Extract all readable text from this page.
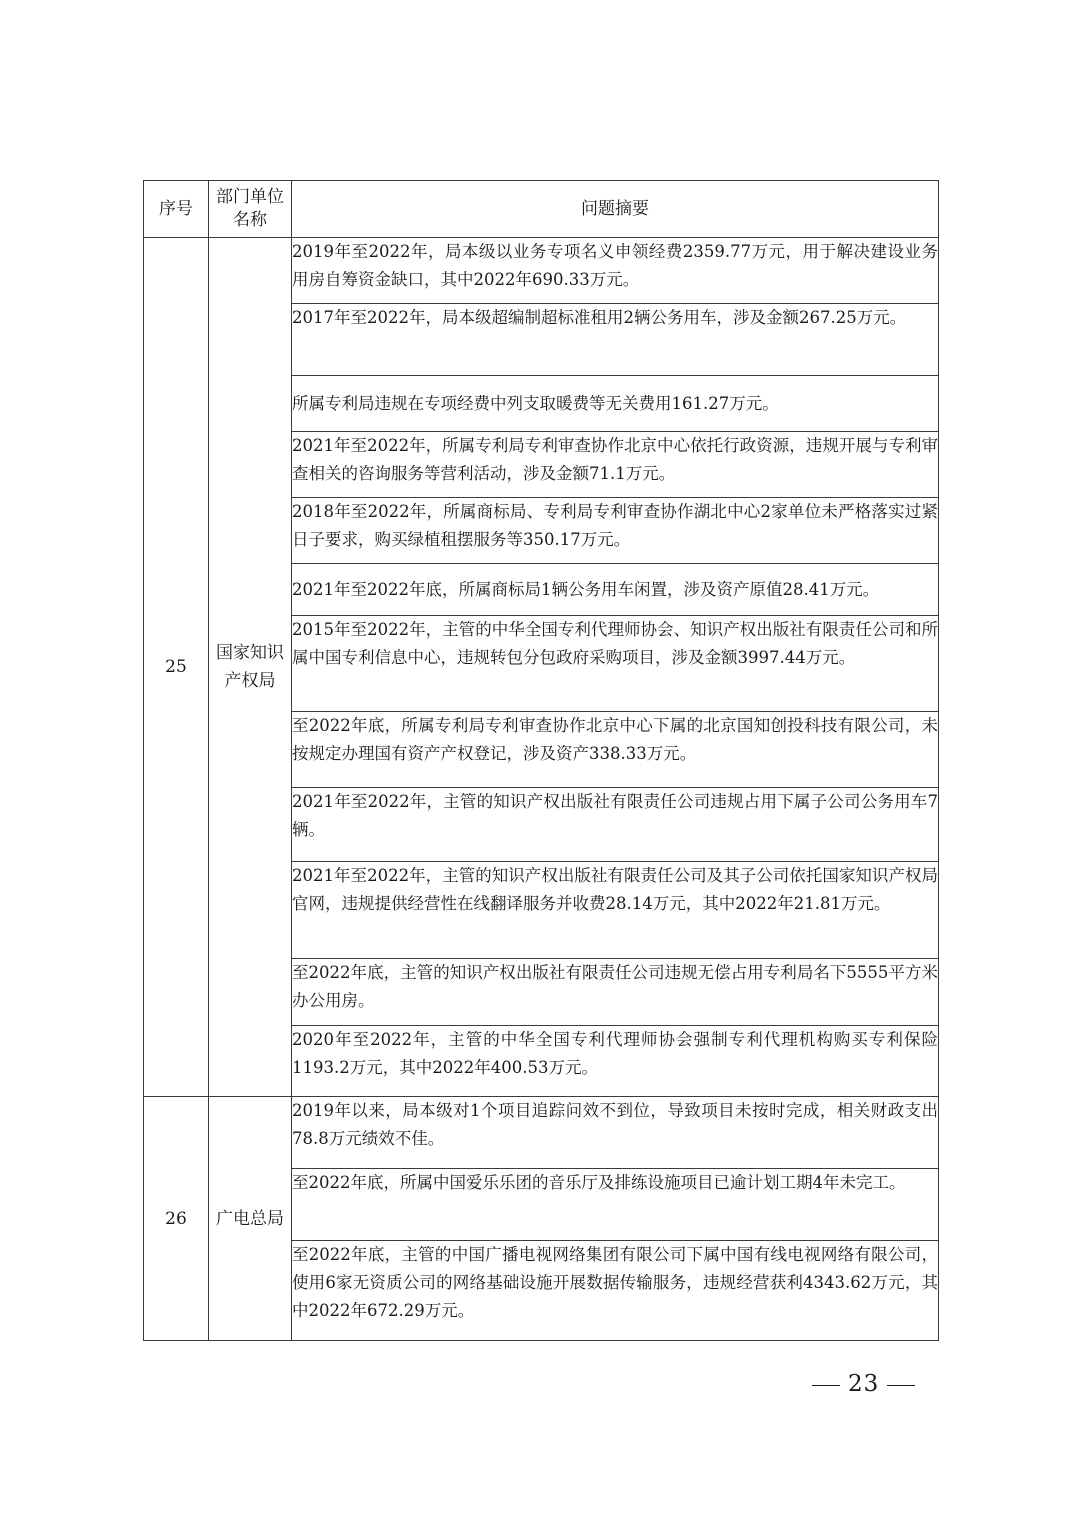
序号	部门单位名称	问题摘要
25	国家知识产权局	2019年至2022年，局本级以业务专项名义申领经费2359.77万元，用于解决建设业务用房自筹资金缺口，其中2022年690.33万元。
		2017年至2022年，局本级超编制超标准租用2辆公务用车，涉及金额267.25万元。
		所属专利局违规在专项经费中列支取暖费等无关费用161.27万元。
		2021年至2022年，所属专利局专利审查协作北京中心依托行政资源，违规开展与专利审查相关的咨询服务等营利活动，涉及金额71.1万元。
		2018年至2022年，所属商标局、专利局专利审查协作湖北中心2家单位未严格落实过紧日子要求，购买绿植租摆服务等350.17万元。
		2021年至2022年底，所属商标局1辆公务用车闲置，涉及资产原值28.41万元。
		2015年至2022年，主管的中华全国专利代理师协会、知识产权出版社有限责任公司和所属中国专利信息中心，违规转包分包政府采购项目，涉及金额3997.44万元。
		至2022年底，所属专利局专利审查协作北京中心下属的北京国知创投科技有限公司，未按规定办理国有资产产权登记，涉及资产338.33万元。
		2021年至2022年，主管的知识产权出版社有限责任公司违规占用下属子公司公务用车7辆。
		2021年至2022年，主管的知识产权出版社有限责任公司及其子公司依托国家知识产权局官网，违规提供经营性在线翻译服务并收费28.14万元，其中2022年21.81万元。
		至2022年底，主管的知识产权出版社有限责任公司违规无偿占用专利局名下5555平方米办公用房。
		2020年至2022年，主管的中华全国专利代理师协会强制专利代理机构购买专利保险1193.2万元，其中2022年400.53万元。
26	广电总局	2019年以来，局本级对1个项目追踪问效不到位，导致项目未按时完成，相关财政支出78.8万元绩效不佳。
		至2022年底，所属中国爱乐乐团的音乐厅及排练设施项目已逾计划工期4年未完工。
		至2022年底，主管的中国广播电视网络集团有限公司下属中国有线电视网络有限公司，使用6家无资质公司的网络基础设施开展数据传输服务，违规经营获利4343.62万元，其中2022年672.29万元。
23
